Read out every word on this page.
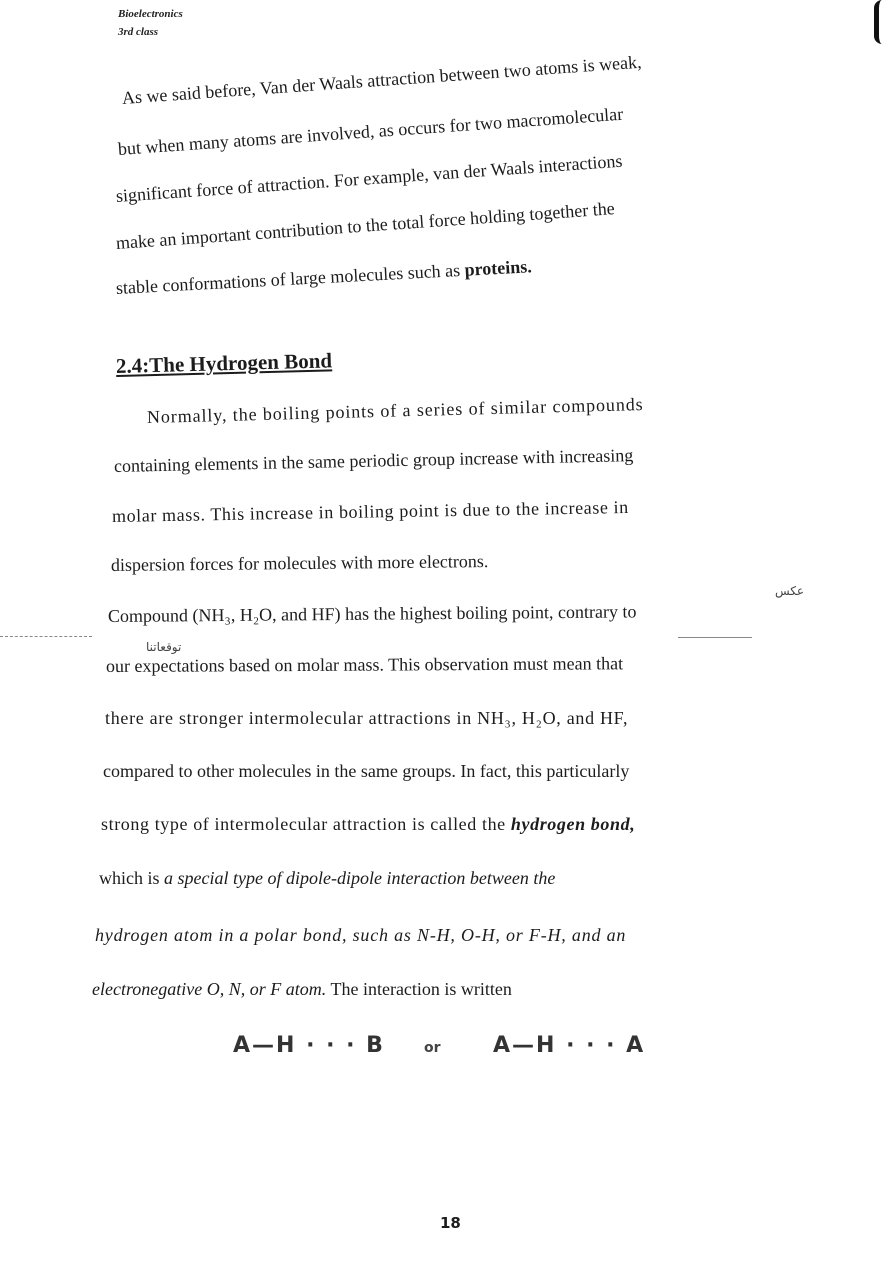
Bioelectronics
3rd class
As we said before, Van der Waals attraction between two atoms is weak,
but when many atoms are involved, as occurs for two macromolecular
significant force of attraction. For example, van der Waals interactions
make an important contribution to the total force holding together the
stable conformations of large molecules such as proteins.
2.4:The Hydrogen Bond
Normally, the boiling points of a series of similar compounds
containing elements in the same periodic group increase with increasing
molar mass. This increase in boiling point is due to the increase in
dispersion forces for molecules with more electrons.
عكس
Compound (NH₃, H₂O, and HF) has the highest boiling point, contrary to
توقعاتنا
our expectations based on molar mass. This observation must mean that
there are stronger intermolecular attractions in NH₃, H₂O, and HF,
compared to other molecules in the same groups. In fact, this particularly
strong type of intermolecular attraction is called the hydrogen bond,
which is a special type of dipole-dipole interaction between the
hydrogen atom in a polar bond, such as N-H, O-H, or F-H, and an
electronegative O, N, or F atom. The interaction is written
A—H · · · B	or A—H · · · A
18
